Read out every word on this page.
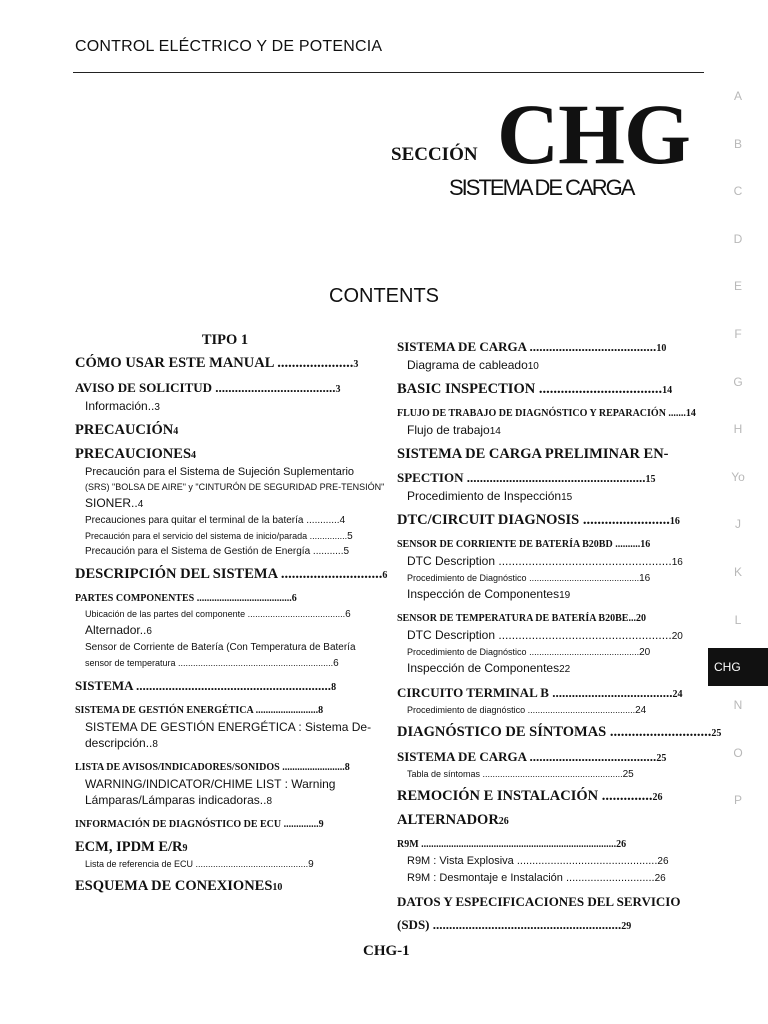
CONTROL ELÉCTRICO Y DE POTENCIA
SECCIÓN CHG
SISTEMA DE CARGA
CONTENTS
A
B
C
D
E
F
G
H
Yo
J
K
L
CHG
N
O
P
TIPO 1
CÓMO USAR ESTE MANUAL .....................3
AVISO DE SOLICITUD .....................................3
Información..3
PRECAUCIÓN4
PRECAUCIONES4
Precaución para el Sistema de Sujeción Suplementario
(SRS) "BOLSA DE AIRE" y "CINTURÓN DE SEGURIDAD PRE-TENSIÓN"
SIONER..4
Precauciones para quitar el terminal de la batería ............4
Precaución para el servicio del sistema de inicio/parada ...............5
Precaución para el Sistema de Gestión de Energía ...........5
DESCRIPCIÓN DEL SISTEMA ............................6
PARTES COMPONENTES ......................................6
Ubicación de las partes del componente .......................................6
Alternador..6
Sensor de Corriente de Batería (Con Temperatura de Batería
sensor de temperatura ..............................................................6
SISTEMA ............................................................8
SISTEMA DE GESTIÓN ENERGÉTICA .........................8
SISTEMA DE GESTIÓN ENERGÉTICA : Sistema De-
descripción..8
LISTA DE AVISOS/INDICADORES/SONIDOS .........................8
WARNING/INDICATOR/CHIME LIST : Warning
Lámparas/Lámparas indicadoras..8
INFORMACIÓN DE DIAGNÓSTICO DE ECU ..............9
ECM, IPDM E/R9
Lista de referencia de ECU .............................................9
ESQUEMA DE CONEXIONES10
SISTEMA DE CARGA .......................................10
Diagrama de cableado10
BASIC INSPECTION ..................................14
FLUJO DE TRABAJO DE DIAGNÓSTICO Y REPARACIÓN .......14
Flujo de trabajo14
SISTEMA DE CARGA PRELIMINAR EN-
SPECTION .......................................................15
Procedimiento de Inspección15
DTC/CIRCUIT DIAGNOSIS ........................16
SENSOR DE CORRIENTE DE BATERÍA B20BD ..........16
DTC Description ....................................................16
Procedimiento de Diagnóstico ............................................16
Inspección de Componentes19
SENSOR DE TEMPERATURA DE BATERÍA B20BE...20
DTC Description ....................................................20
Procedimiento de Diagnóstico ............................................20
Inspección de Componentes22
CIRCUITO TERMINAL B .....................................24
Procedimiento de diagnóstico ...........................................24
DIAGNÓSTICO DE SÍNTOMAS ............................25
SISTEMA DE CARGA .......................................25
Tabla de síntomas ........................................................25
REMOCIÓN E INSTALACIÓN ..............26
ALTERNADOR26
R9M ..............................................................................26
R9M : Vista Explosiva ..............................................26
R9M : Desmontaje e Instalación .............................26
DATOS Y ESPECIFICACIONES DEL SERVICIO
(SDS) ..........................................................29
CHG-1
